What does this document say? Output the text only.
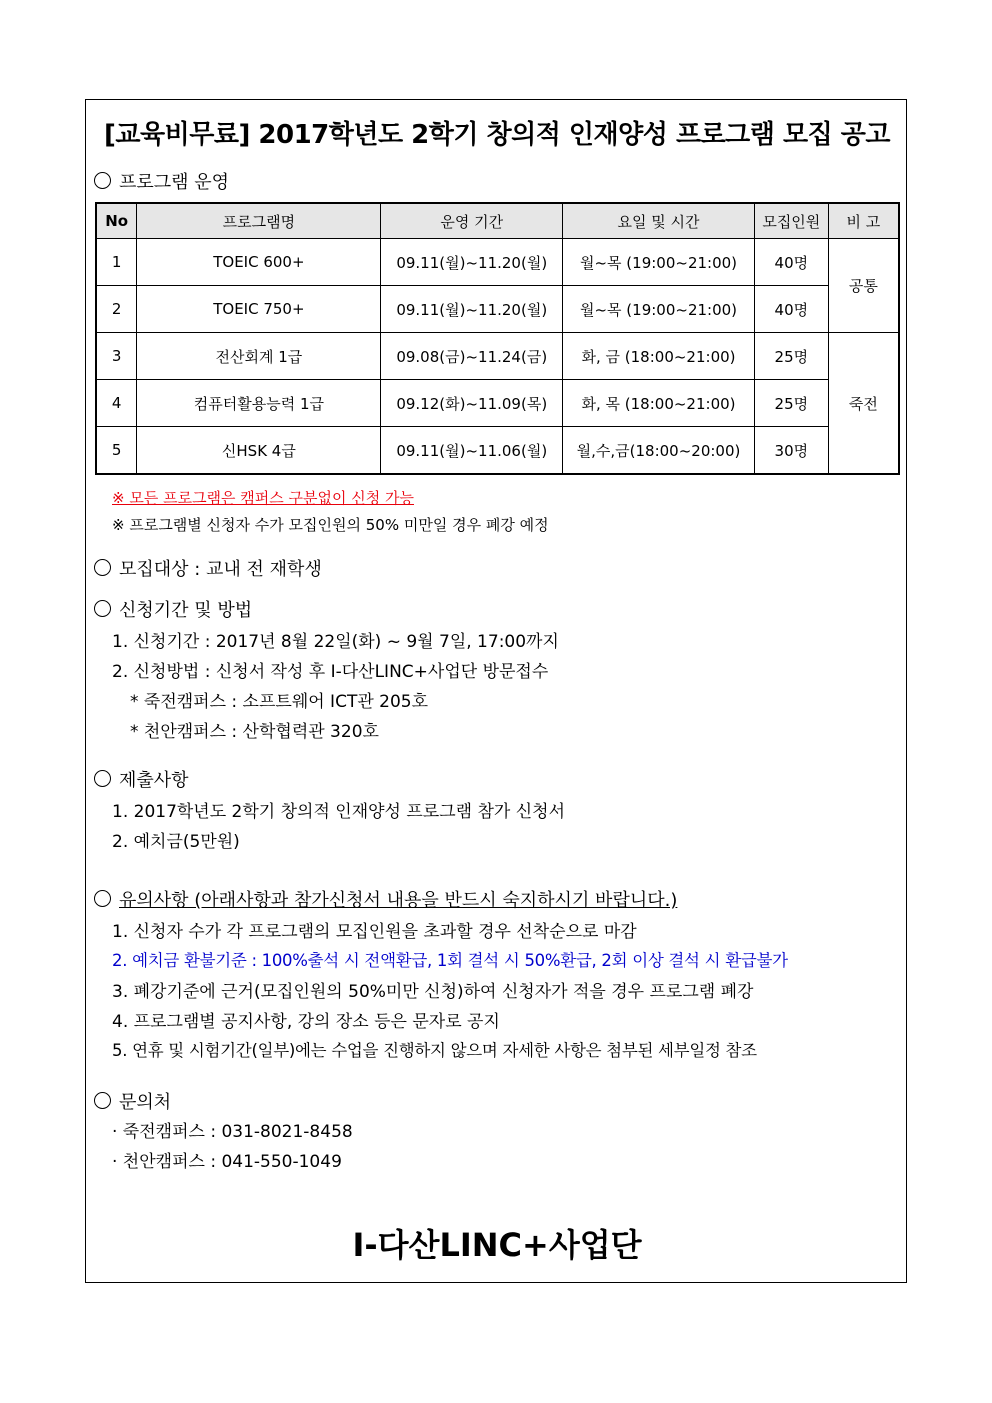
[교육비무료] 2017학년도 2학기 창의적 인재양성 프로그램 모집 공고
프로그램 운영
No	프로그램명	운영 기간	요일 및 시간	모집인원	비 고
1	TOEIC 600+	09.11(월)~11.20(월)	월~목 (19:00~21:00)	40명	공통
2	TOEIC 750+	09.11(월)~11.20(월)	월~목 (19:00~21:00)	40명	
3	전산회계 1급	09.08(금)~11.24(금)	화, 금 (18:00~21:00)	25명	죽전
4	컴퓨터활용능력 1급	09.12(화)~11.09(목)	화, 목 (18:00~21:00)	25명	
5	신HSK 4급	09.11(월)~11.06(월)	월,수,금(18:00~20:00)	30명	
※ 모든 프로그램은 캠퍼스 구분없이 신청 가능
※ 프로그램별 신청자 수가 모집인원의 50% 미만일 경우 폐강 예정
모집대상 : 교내 전 재학생
신청기간 및 방법
1. 신청기간 : 2017년 8월 22일(화) ~ 9월 7일, 17:00까지
2. 신청방법 : 신청서 작성 후 I-다산LINC+사업단 방문접수
* 죽전캠퍼스 : 소프트웨어 ICT관 205호
* 천안캠퍼스 : 산학협력관 320호
제출사항
1. 2017학년도 2학기 창의적 인재양성 프로그램 참가 신청서
2. 예치금(5만원)
유의사항 (아래사항과 참가신청서 내용을 반드시 숙지하시기 바랍니다.)
1. 신청자 수가 각 프로그램의 모집인원을 초과할 경우 선착순으로 마감
2. 예치금 환불기준 : 100%출석 시 전액환급, 1회 결석 시 50%환급, 2회 이상 결석 시 환급불가
3. 폐강기준에 근거(모집인원의 50%미만 신청)하여 신청자가 적을 경우 프로그램 폐강
4. 프로그램별 공지사항, 강의 장소 등은 문자로 공지
5. 연휴 및 시험기간(일부)에는 수업을 진행하지 않으며 자세한 사항은 첨부된 세부일정 참조
문의처
· 죽전캠퍼스 : 031-8021-8458
· 천안캠퍼스 : 041-550-1049
I-다산LINC+사업단
